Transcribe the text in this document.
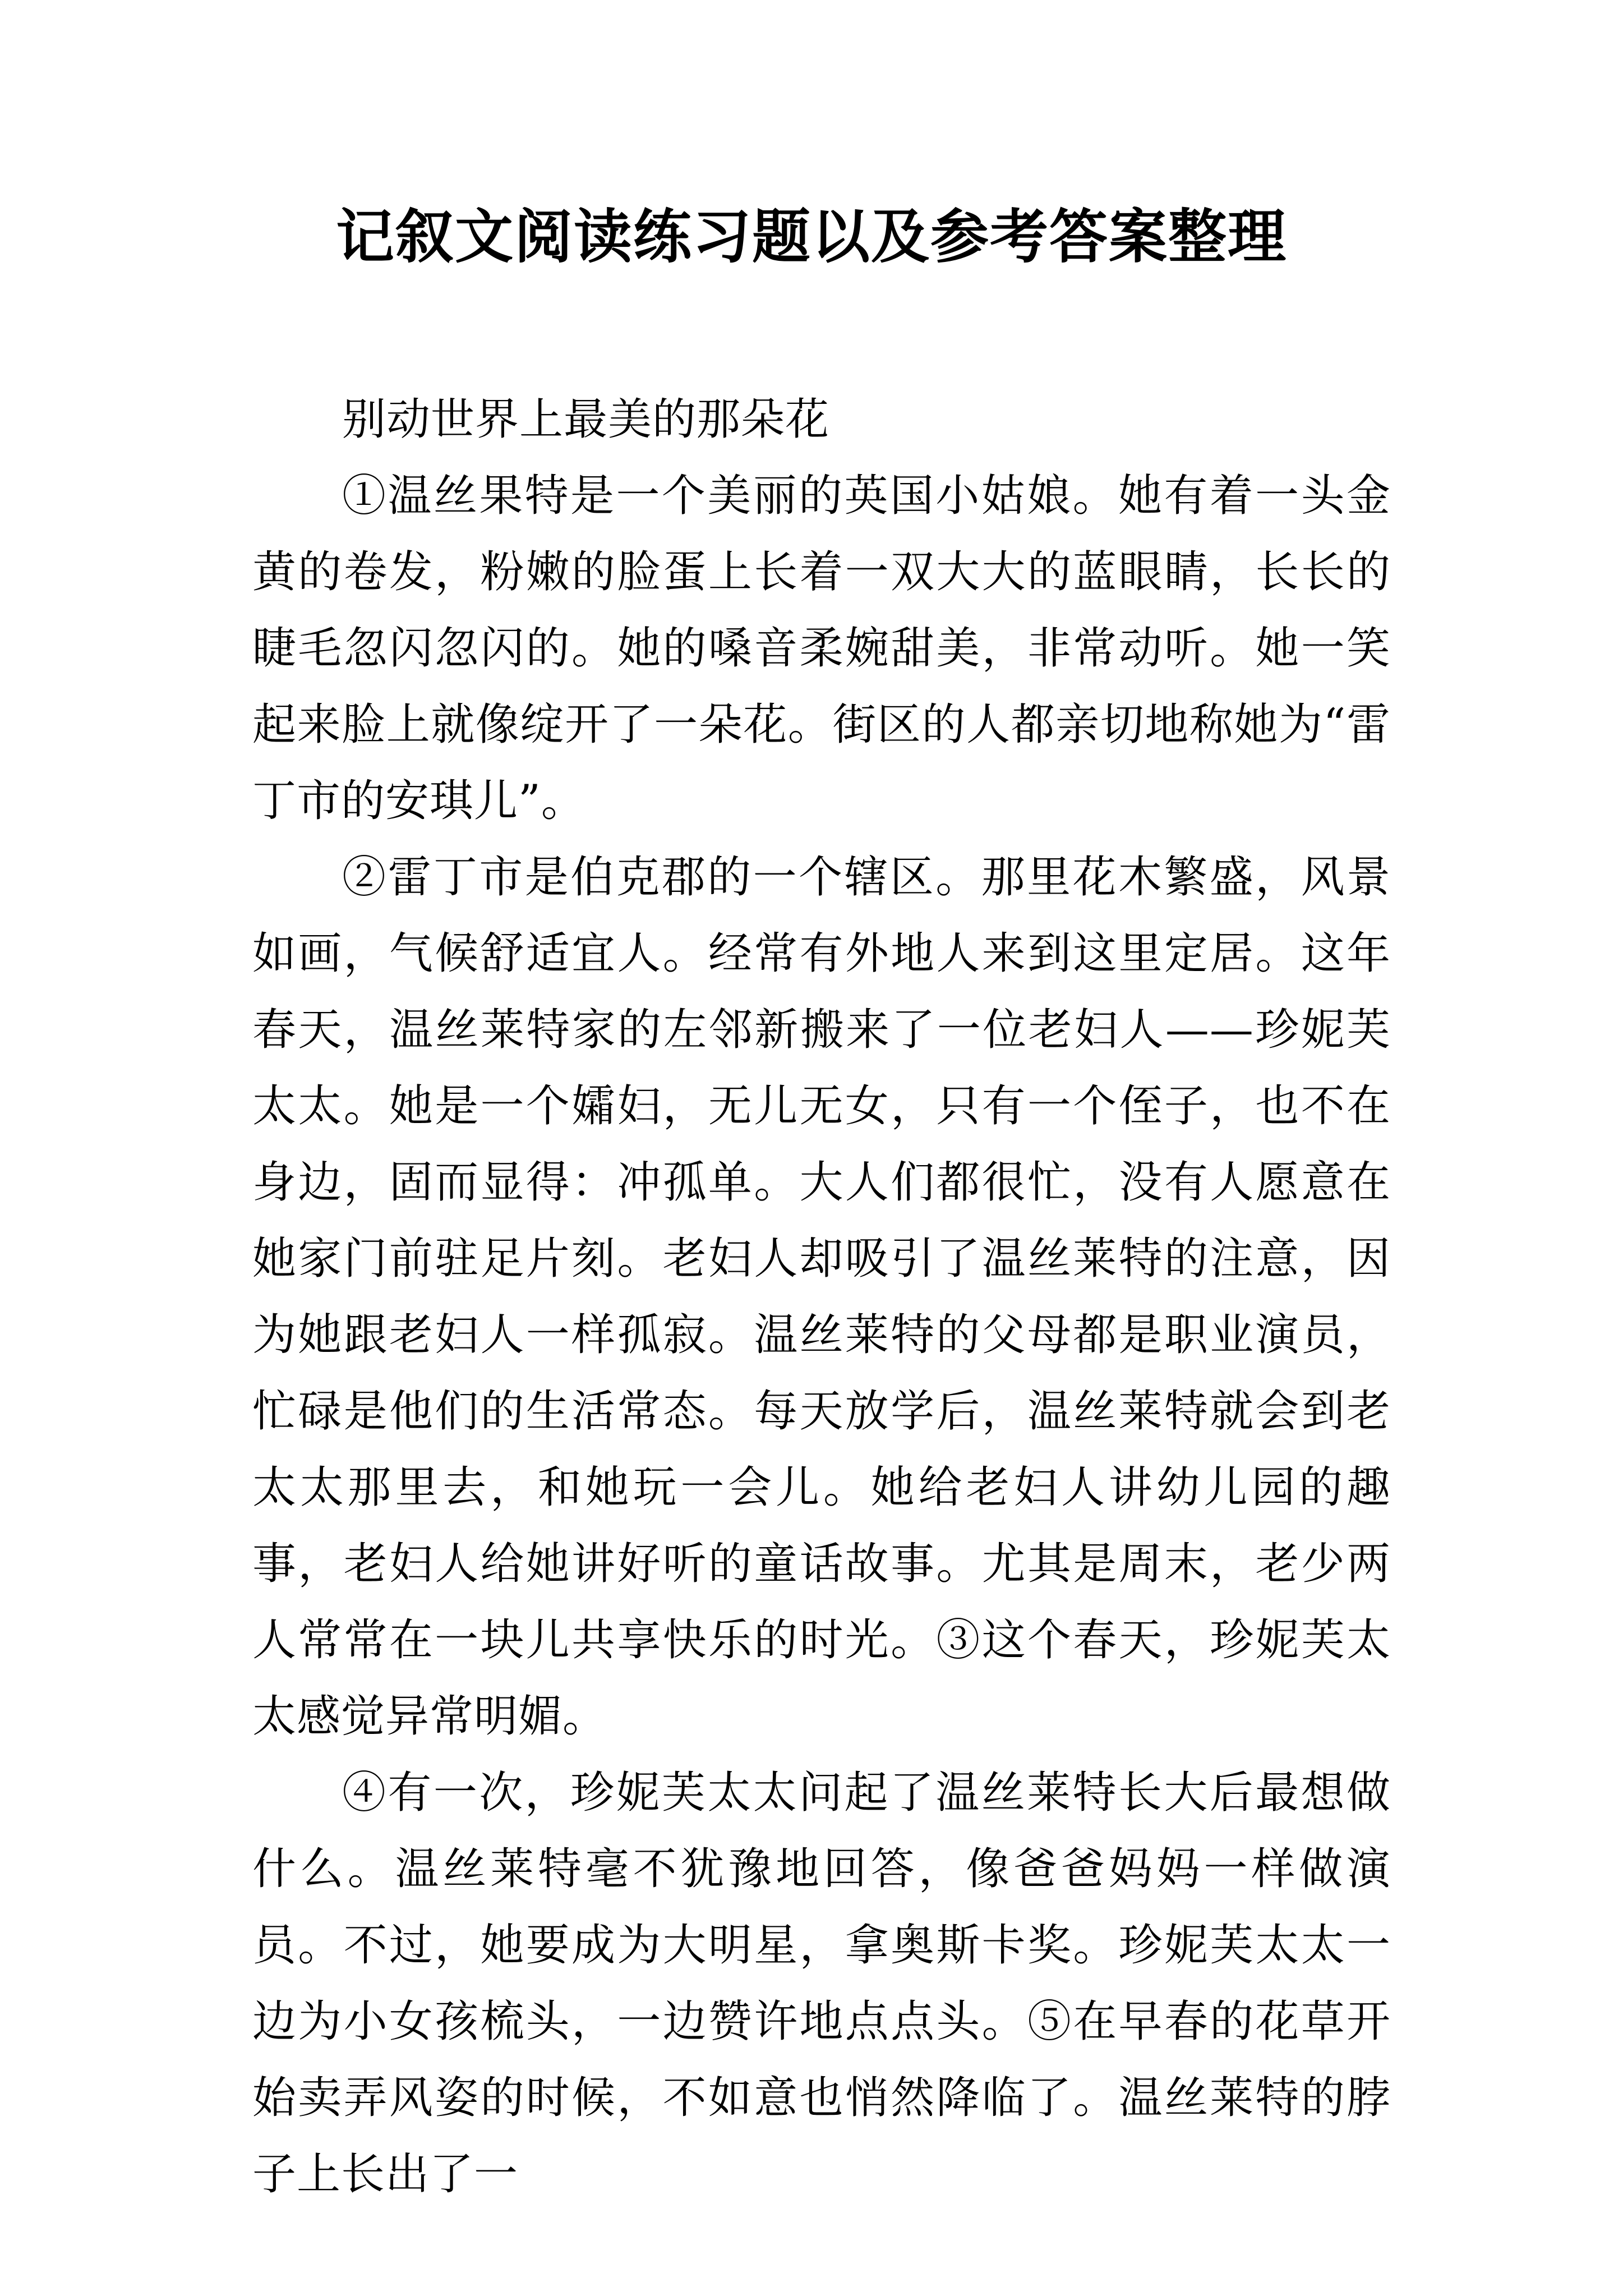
记叙文阅读练习题以及参考答案整理

别动世界上最美的那朵花

①温丝果特是一个美丽的英国小姑娘。她有着一头金黄的卷发，粉嫩的脸蛋上长着一双大大的蓝眼睛，长长的睫毛忽闪忽闪的。她的嗓音柔婉甜美，非常动听。她一笑起来脸上就像绽开了一朵花。街区的人都亲切地称她为“雷丁市的安琪儿”。

②雷丁市是伯克郡的一个辖区。那里花木繁盛，风景如画，气候舒适宜人。经常有外地人来到这里定居。这年春天，温丝莱特家的左邻新搬来了一位老妇人——珍妮芙太太。她是一个孀妇，无儿无女，只有一个侄子，也不在身边，固而显得：冲孤单。大人们都很忙，没有人愿意在她家门前驻足片刻。老妇人却吸引了温丝莱特的注意，因为她跟老妇人一样孤寂。温丝莱特的父母都是职业演员，忙碌是他们的生活常态。每天放学后，温丝莱特就会到老太太那里去，和她玩一会儿。她给老妇人讲幼儿园的趣事，老妇人给她讲好听的童话故事。尤其是周末，老少两人常常在一块儿共享快乐的时光。③这个春天，珍妮芙太太感觉异常明媚。

④有一次，珍妮芙太太问起了温丝莱特长大后最想做什么。温丝莱特毫不犹豫地回答，像爸爸妈妈一样做演员。不过，她要成为大明星，拿奥斯卡奖。珍妮芙太太一边为小女孩梳头，一边赞许地点点头。⑤在早春的花草开始卖弄风姿的时候，不如意也悄然降临了。温丝莱特的脖子上长出了一
